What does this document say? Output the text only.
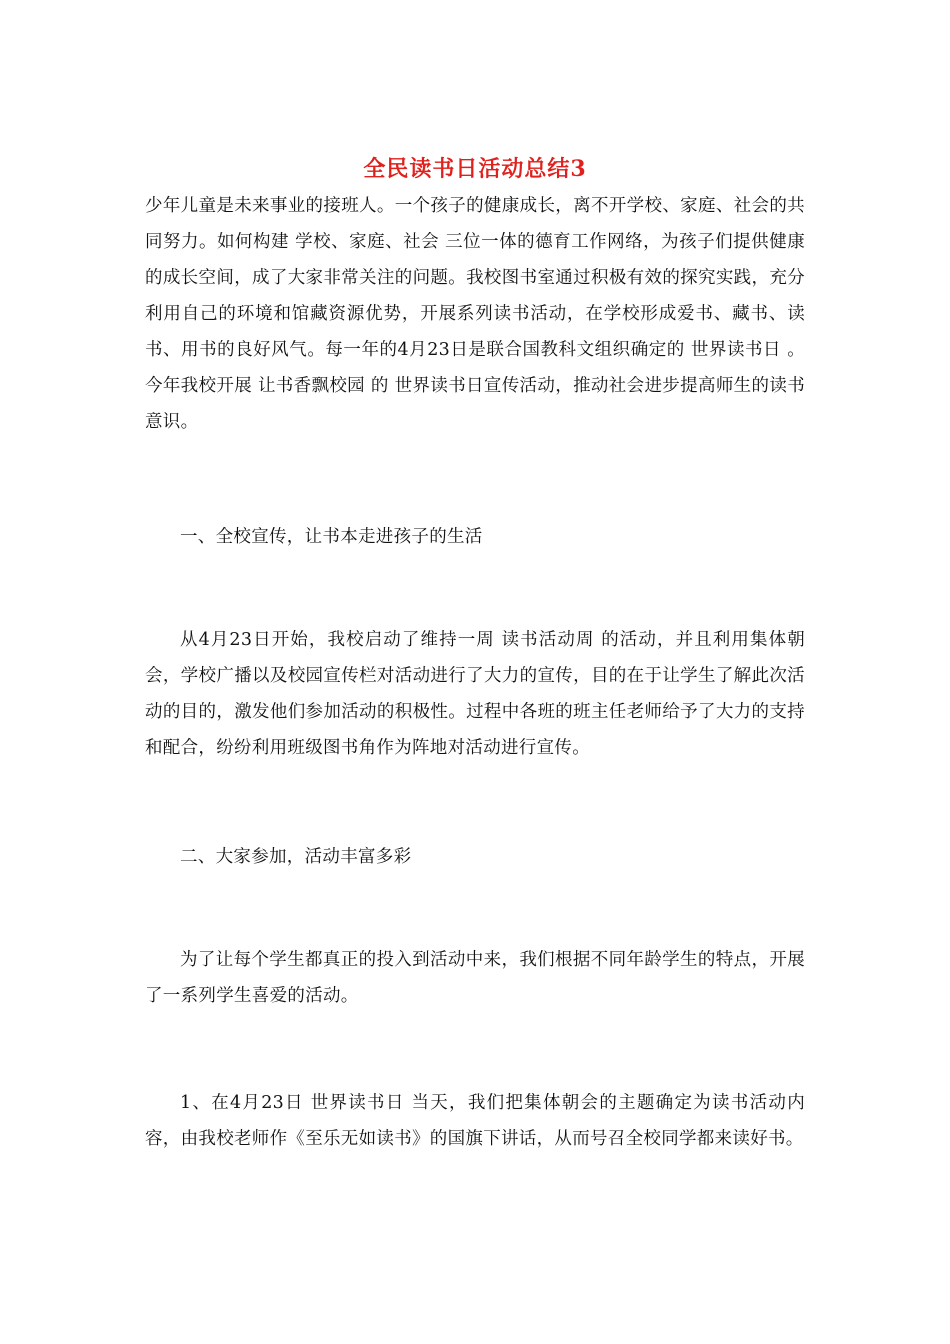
全民读书日活动总结3

少年儿童是未来事业的接班人。一个孩子的健康成长，离不开学校、家庭、社会的共同努力。如何构建 学校、家庭、社会 三位一体的德育工作网络，为孩子们提供健康的成长空间，成了大家非常关注的问题。我校图书室通过积极有效的探究实践，充分利用自己的环境和馆藏资源优势，开展系列读书活动，在学校形成爱书、藏书、读书、用书的良好风气。每一年的4月23日是联合国教科文组织确定的 世界读书日 。今年我校开展 让书香飘校园 的 世界读书日宣传活动，推动社会进步提高师生的读书意识。

一、全校宣传，让书本走进孩子的生活

从4月23日开始，我校启动了维持一周 读书活动周 的活动，并且利用集体朝会，学校广播以及校园宣传栏对活动进行了大力的宣传，目的在于让学生了解此次活动的目的，激发他们参加活动的积极性。过程中各班的班主任老师给予了大力的支持和配合，纷纷利用班级图书角作为阵地对活动进行宣传。

二、大家参加，活动丰富多彩

为了让每个学生都真正的投入到活动中来，我们根据不同年龄学生的特点，开展了一系列学生喜爱的活动。

1、在4月23日 世界读书日 当天，我们把集体朝会的主题确定为读书活动内容，由我校老师作《至乐无如读书》的国旗下讲话，从而号召全校同学都来读好书。
